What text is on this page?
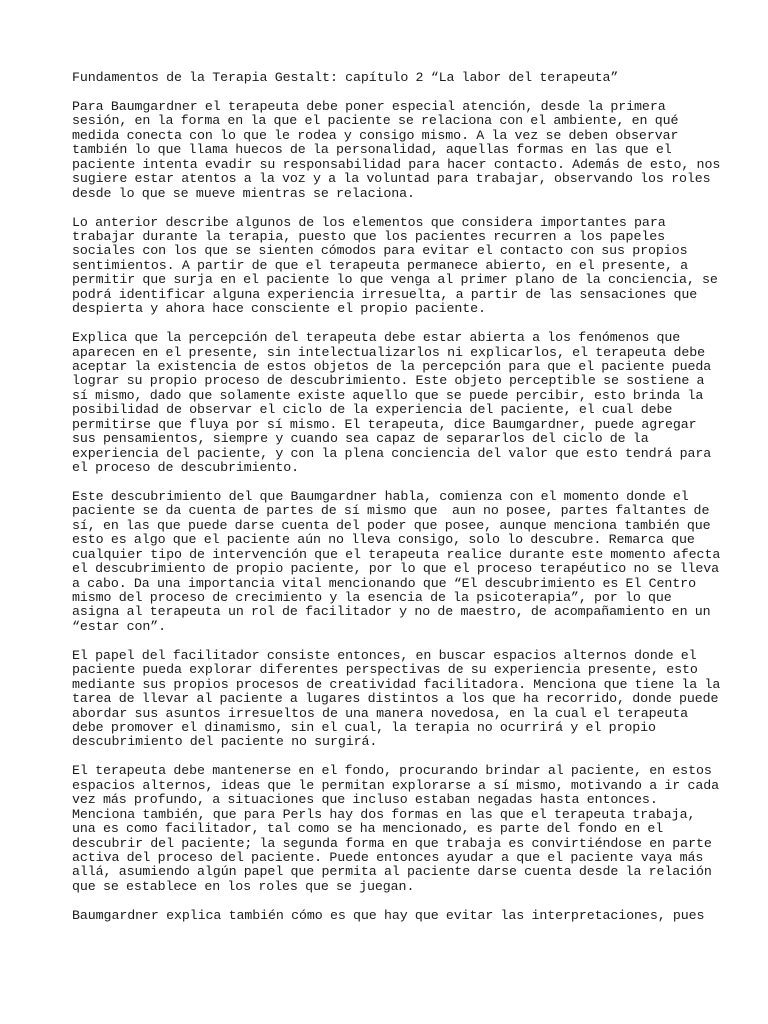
Fundamentos de la Terapia Gestalt: capítulo 2 “La labor del terapeuta”
Para Baumgardner el terapeuta debe poner especial atención, desde la primera
sesión, en la forma en la que el paciente se relaciona con el ambiente, en qué
medida conecta con lo que le rodea y consigo mismo. A la vez se deben observar
también lo que llama huecos de la personalidad, aquellas formas en las que el
paciente intenta evadir su responsabilidad para hacer contacto. Además de esto, nos
sugiere estar atentos a la voz y a la voluntad para trabajar, observando los roles
desde lo que se mueve mientras se relaciona.
Lo anterior describe algunos de los elementos que considera importantes para
trabajar durante la terapia, puesto que los pacientes recurren a los papeles
sociales con los que se sienten cómodos para evitar el contacto con sus propios
sentimientos. A partir de que el terapeuta permanece abierto, en el presente, a
permitir que surja en el paciente lo que venga al primer plano de la conciencia, se
podrá identificar alguna experiencia irresuelta, a partir de las sensaciones que
despierta y ahora hace consciente el propio paciente.
Explica que la percepción del terapeuta debe estar abierta a los fenómenos que
aparecen en el presente, sin intelectualizarlos ni explicarlos, el terapeuta debe
aceptar la existencia de estos objetos de la percepción para que el paciente pueda
lograr su propio proceso de descubrimiento. Este objeto perceptible se sostiene a
sí mismo, dado que solamente existe aquello que se puede percibir, esto brinda la
posibilidad de observar el ciclo de la experiencia del paciente, el cual debe
permitirse que fluya por sí mismo. El terapeuta, dice Baumgardner, puede agregar
sus pensamientos, siempre y cuando sea capaz de separarlos del ciclo de la
experiencia del paciente, y con la plena conciencia del valor que esto tendrá para
el proceso de descubrimiento.
Este descubrimiento del que Baumgardner habla, comienza con el momento donde el
paciente se da cuenta de partes de sí mismo que  aun no posee, partes faltantes de
sí, en las que puede darse cuenta del poder que posee, aunque menciona también que
esto es algo que el paciente aún no lleva consigo, solo lo descubre. Remarca que
cualquier tipo de intervención que el terapeuta realice durante este momento afecta
el descubrimiento de propio paciente, por lo que el proceso terapéutico no se lleva
a cabo. Da una importancia vital mencionando que “El descubrimiento es El Centro
mismo del proceso de crecimiento y la esencia de la psicoterapia”, por lo que
asigna al terapeuta un rol de facilitador y no de maestro, de acompañamiento en un
“estar con”.
El papel del facilitador consiste entonces, en buscar espacios alternos donde el
paciente pueda explorar diferentes perspectivas de su experiencia presente, esto
mediante sus propios procesos de creatividad facilitadora. Menciona que tiene la la
tarea de llevar al paciente a lugares distintos a los que ha recorrido, donde puede
abordar sus asuntos irresueltos de una manera novedosa, en la cual el terapeuta
debe promover el dinamismo, sin el cual, la terapia no ocurrirá y el propio
descubrimiento del paciente no surgirá.
El terapeuta debe mantenerse en el fondo, procurando brindar al paciente, en estos
espacios alternos, ideas que le permitan explorarse a sí mismo, motivando a ir cada
vez más profundo, a situaciones que incluso estaban negadas hasta entonces.
Menciona también, que para Perls hay dos formas en las que el terapeuta trabaja,
una es como facilitador, tal como se ha mencionado, es parte del fondo en el
descubrir del paciente; la segunda forma en que trabaja es convirtiéndose en parte
activa del proceso del paciente. Puede entonces ayudar a que el paciente vaya más
allá, asumiendo algún papel que permita al paciente darse cuenta desde la relación
que se establece en los roles que se juegan.
Baumgardner explica también cómo es que hay que evitar las interpretaciones, pues
